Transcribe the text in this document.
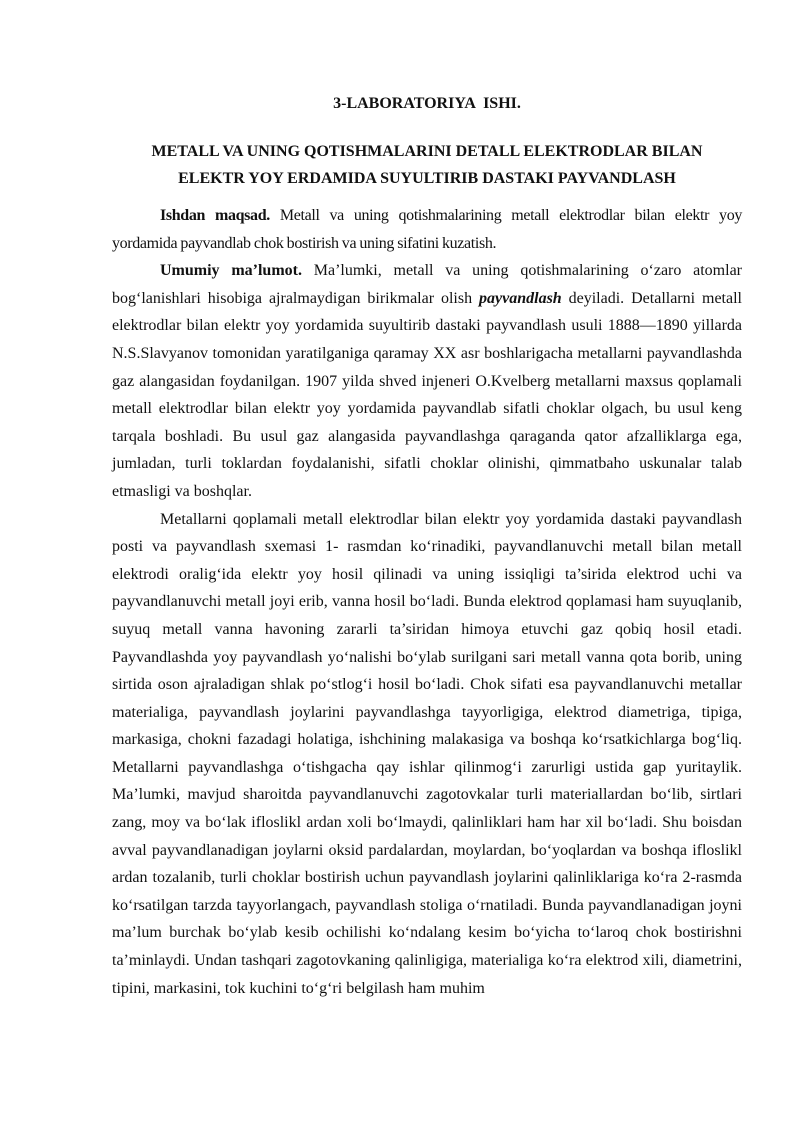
3-LABORATORIYA  ISHI.
METALL VA UNING QOTISHMALARINI DETALL ELEKTRODLAR BILAN
ELEKTR YOY ERDAMIDA SUYULTIRIB DASTAKI PAYVANDLASH

Ishdan maqsad. Metall va uning qotishmalarining metall elektrodlar bilan elektr yoy yordamida payvandlab chok bostirish va uning sifatini kuzatish.

Umumiy ma’lumot. Ma’lumki, metall va uning qotishmalarining o‘zaro atomlar bog‘lanishlari hisobiga ajralmaydigan birikmalar olish payvandlash deyiladi. Detallarni metall elektrodlar bilan elektr yoy yordamida suyultirib dastaki payvandlash usuli 1888—1890 yillarda N.S.Slavyanov tomonidan yaratilganiga qaramay XX asr boshlarigacha metallarni payvandlashda gaz alangasidan foydanilgan. 1907 yilda shved injeneri O.Kvelberg metallarni maxsus qoplamali metall elektrodlar bilan elektr yoy yordamida payvandlab sifatli choklar olgach, bu usul keng tarqala boshladi. Bu usul gaz alangasida payvandlashga qaraganda qator afzalliklarga ega, jumladan, turli toklardan foydalanishi, sifatli choklar olinishi, qimmatbaho uskunalar talab etmasligi va boshqlar.

Metallarni qoplamali metall elektrodlar bilan elektr yoy yordamida dastaki payvandlash posti va payvandlash sxemasi 1- rasmdan ko‘rinadiki, payvandlanuvchi metall bilan metall elektrodi oralig‘ida elektr yoy hosil qilinadi va uning issiqligi ta’sirida elektrod uchi va payvandlanuvchi metall joyi erib, vanna hosil bo‘ladi. Bunda elektrod qoplamasi ham suyuqlanib, suyuq metall vanna havoning zararli ta’siridan himoya etuvchi gaz qobiq hosil etadi. Payvandlashda yoy payvandlash yo‘nalishi bo‘ylab surilgani sari metall vanna qota borib, uning sirtida oson ajraladigan shlak po‘stlog‘i hosil bo‘ladi. Chok sifati esa payvandlanuvchi metallar materialiga, payvandlash joylarini payvandlashga tayyorligiga, elektrod diametriga, tipiga, markasiga, chokni fazadagi holatiga, ishchining malakasiga va boshqa ko‘rsatkichlarga bog‘liq. Metallarni payvandlashga o‘tishgacha qay ishlar qilinmog‘i zarurligi ustida gap yuritaylik. Ma’lumki, mavjud sharoitda payvandlanuvchi zagotovkalar turli materiallardan bo‘lib, sirtlari zang, moy va bo‘lak ifloslikl ardan xoli bo‘lmaydi, qalinliklari ham har xil bo‘ladi. Shu boisdan avval payvandlanadigan joylarni oksid pardalardan, moylardan, bo‘yoqlardan va boshqa ifloslikl ardan tozalanib, turli choklar bostirish uchun payvandlash joylarini qalinliklariga ko‘ra 2-rasmda ko‘rsatilgan tarzda tayyorlangach, payvandlash stoliga o‘rnatiladi. Bunda payvandlanadigan joyni ma’lum burchak bo‘ylab kesib ochilishi ko‘ndalang kesim bo‘yicha to‘laroq chok bostirishni ta’minlaydi. Undan tashqari zagotovkaning qalinligiga, materialiga ko‘ra elektrod xili, diametrini, tipini, markasini, tok kuchini to‘g‘ri belgilash ham muhim
